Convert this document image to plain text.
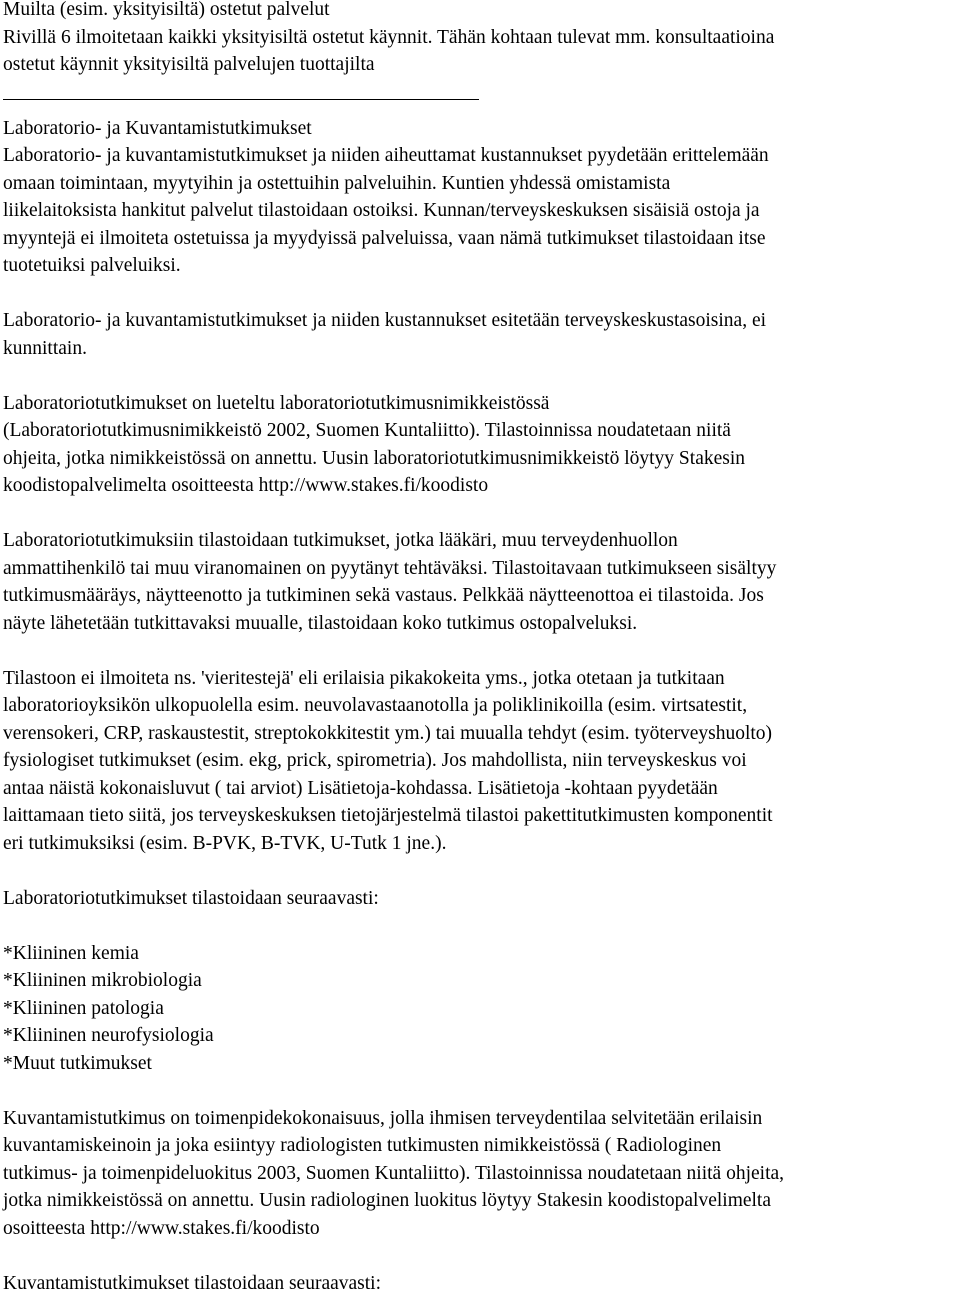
Muilta (esim. yksityisiltä) ostetut palvelut
Rivillä 6 ilmoitetaan kaikki yksityisiltä ostetut käynnit. Tähän kohtaan tulevat mm. konsultaatioina
ostetut käynnit yksityisiltä palvelujen tuottajilta
Laboratorio- ja Kuvantamistutkimukset
Laboratorio- ja kuvantamistutkimukset ja niiden aiheuttamat kustannukset pyydetään erittelemään
omaan toimintaan, myytyihin ja ostettuihin palveluihin. Kuntien yhdessä omistamista
liikelaitoksista hankitut palvelut tilastoidaan ostoiksi. Kunnan/terveyskeskuksen sisäisiä ostoja ja
myyntejä ei ilmoiteta ostetuissa ja myydyissä palveluissa, vaan nämä tutkimukset tilastoidaan itse
tuotetuiksi palveluiksi.
Laboratorio- ja kuvantamistutkimukset ja niiden kustannukset esitetään terveyskeskustasoisina, ei
kunnittain.
Laboratoriotutkimukset on lueteltu laboratoriotutkimusnimikkeistössä
(Laboratoriotutkimusnimikkeistö 2002, Suomen Kuntaliitto). Tilastoinnissa noudatetaan niitä
ohjeita, jotka nimikkeistössä on annettu. Uusin laboratoriotutkimusnimikkeistö löytyy Stakesin
koodistopalvelimelta osoitteesta http://www.stakes.fi/koodisto
Laboratoriotutkimuksiin tilastoidaan tutkimukset, jotka lääkäri, muu terveydenhuollon
ammattihenkilö tai muu viranomainen on pyytänyt tehtäväksi. Tilastoitavaan tutkimukseen sisältyy
tutkimusmääräys, näytteenotto ja tutkiminen sekä vastaus. Pelkkää näytteenottoa ei tilastoida. Jos
näyte lähetetään tutkittavaksi muualle, tilastoidaan koko tutkimus ostopalveluksi.
Tilastoon ei ilmoiteta ns. 'vieritestejä' eli erilaisia pikakokeita yms., jotka otetaan ja tutkitaan
laboratorioyksikön ulkopuolella esim. neuvolavastaanotolla ja poliklinikoilla (esim. virtsatestit,
verensokeri, CRP, raskaustestit, streptokokkitestit ym.) tai muualla tehdyt (esim. työterveyshuolto)
fysiologiset tutkimukset (esim. ekg, prick, spirometria). Jos mahdollista, niin terveyskeskus voi
antaa näistä kokonaisluvut ( tai arviot) Lisätietoja-kohdassa. Lisätietoja -kohtaan pyydetään
laittamaan tieto siitä, jos terveyskeskuksen tietojärjestelmä tilastoi pakettitutkimusten komponentit
eri tutkimuksiksi (esim. B-PVK, B-TVK, U-Tutk 1 jne.).
Laboratoriotutkimukset tilastoidaan seuraavasti:
*Kliininen kemia
*Kliininen mikrobiologia
*Kliininen patologia
*Kliininen neurofysiologia
*Muut tutkimukset
Kuvantamistutkimus on toimenpidekokonaisuus, jolla ihmisen terveydentilaa selvitetään erilaisin
kuvantamiskeinoin ja joka esiintyy radiologisten tutkimusten nimikkeistössä ( Radiologinen
tutkimus- ja toimenpideluokitus 2003, Suomen Kuntaliitto). Tilastoinnissa noudatetaan niitä ohjeita,
jotka nimikkeistössä on annettu. Uusin radiologinen luokitus löytyy Stakesin koodistopalvelimelta
osoitteesta http://www.stakes.fi/koodisto
Kuvantamistutkimukset tilastoidaan seuraavasti:
